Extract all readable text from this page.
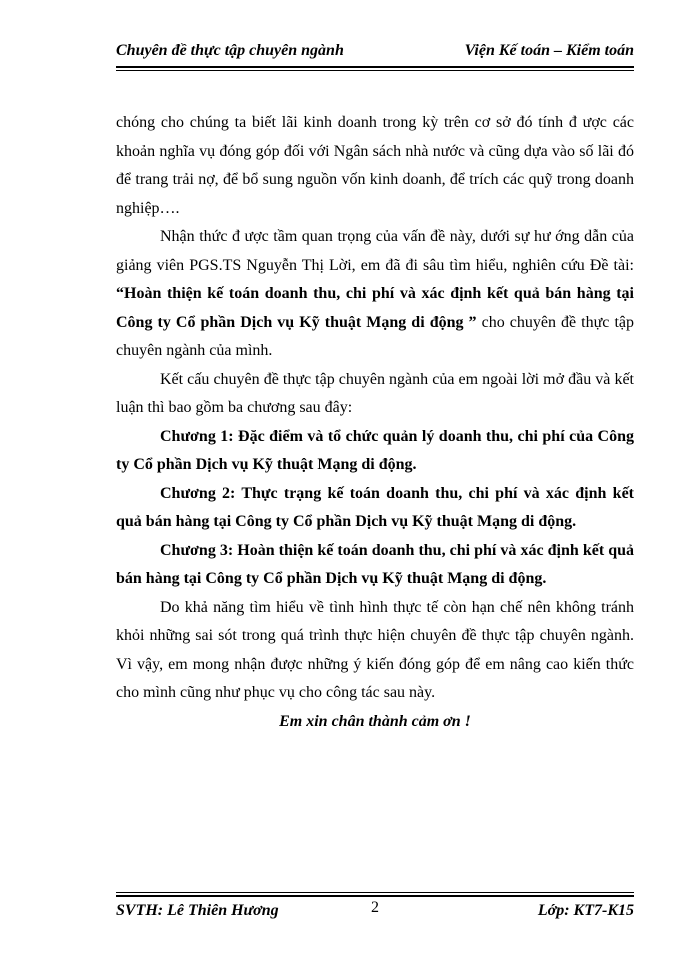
Chuyên đề thực tập chuyên ngành	Viện Kế toán – Kiểm toán

chóng cho chúng ta biết lãi kinh doanh trong kỳ trên cơ sở đó tính đ ược các khoản nghĩa vụ đóng góp đối với Ngân sách nhà nước và cũng dựa vào số lãi đó để trang trải nợ, để bổ sung nguồn vốn kinh doanh, để trích các quỹ trong doanh nghiệp….

Nhận thức đ ược tầm quan trọng của vấn đề này, dưới sự hư ớng dẫn của giảng viên PGS.TS Nguyễn Thị Lời, em đã đi sâu tìm hiểu, nghiên cứu Đề tài: “Hoàn thiện kế toán doanh thu, chi phí và xác định kết quả bán hàng tại Công ty Cổ phần Dịch vụ Kỹ thuật Mạng di động ” cho chuyên đề thực tập chuyên ngành của mình.

Kết cấu chuyên đề thực tập chuyên ngành của em ngoài lời mở đầu và kết luận thì bao gồm ba chương sau đây:

Chương 1: Đặc điểm và tổ chức quản lý doanh thu, chi phí của Công ty Cổ phần Dịch vụ Kỹ thuật Mạng di động.

Chương 2: Thực trạng kế toán doanh thu, chi phí và xác định kết quả bán hàng tại Công ty Cổ phần Dịch vụ Kỹ thuật Mạng di động.

Chương 3: Hoàn thiện kế toán doanh thu, chi phí và xác định kết quả bán hàng tại Công ty Cổ phần Dịch vụ Kỹ thuật Mạng di động.

Do khả năng tìm hiểu về tình hình thực tế còn hạn chế nên không tránh khỏi những sai sót trong quá trình thực hiện chuyên đề thực tập chuyên ngành. Vì vậy, em mong nhận được những ý kiến đóng góp để em nâng cao kiến thức cho mình cũng như phục vụ cho công tác sau này.

Em xin chân thành cảm ơn !

SVTH: Lê Thiên Hương	2	Lớp: KT7-K15
